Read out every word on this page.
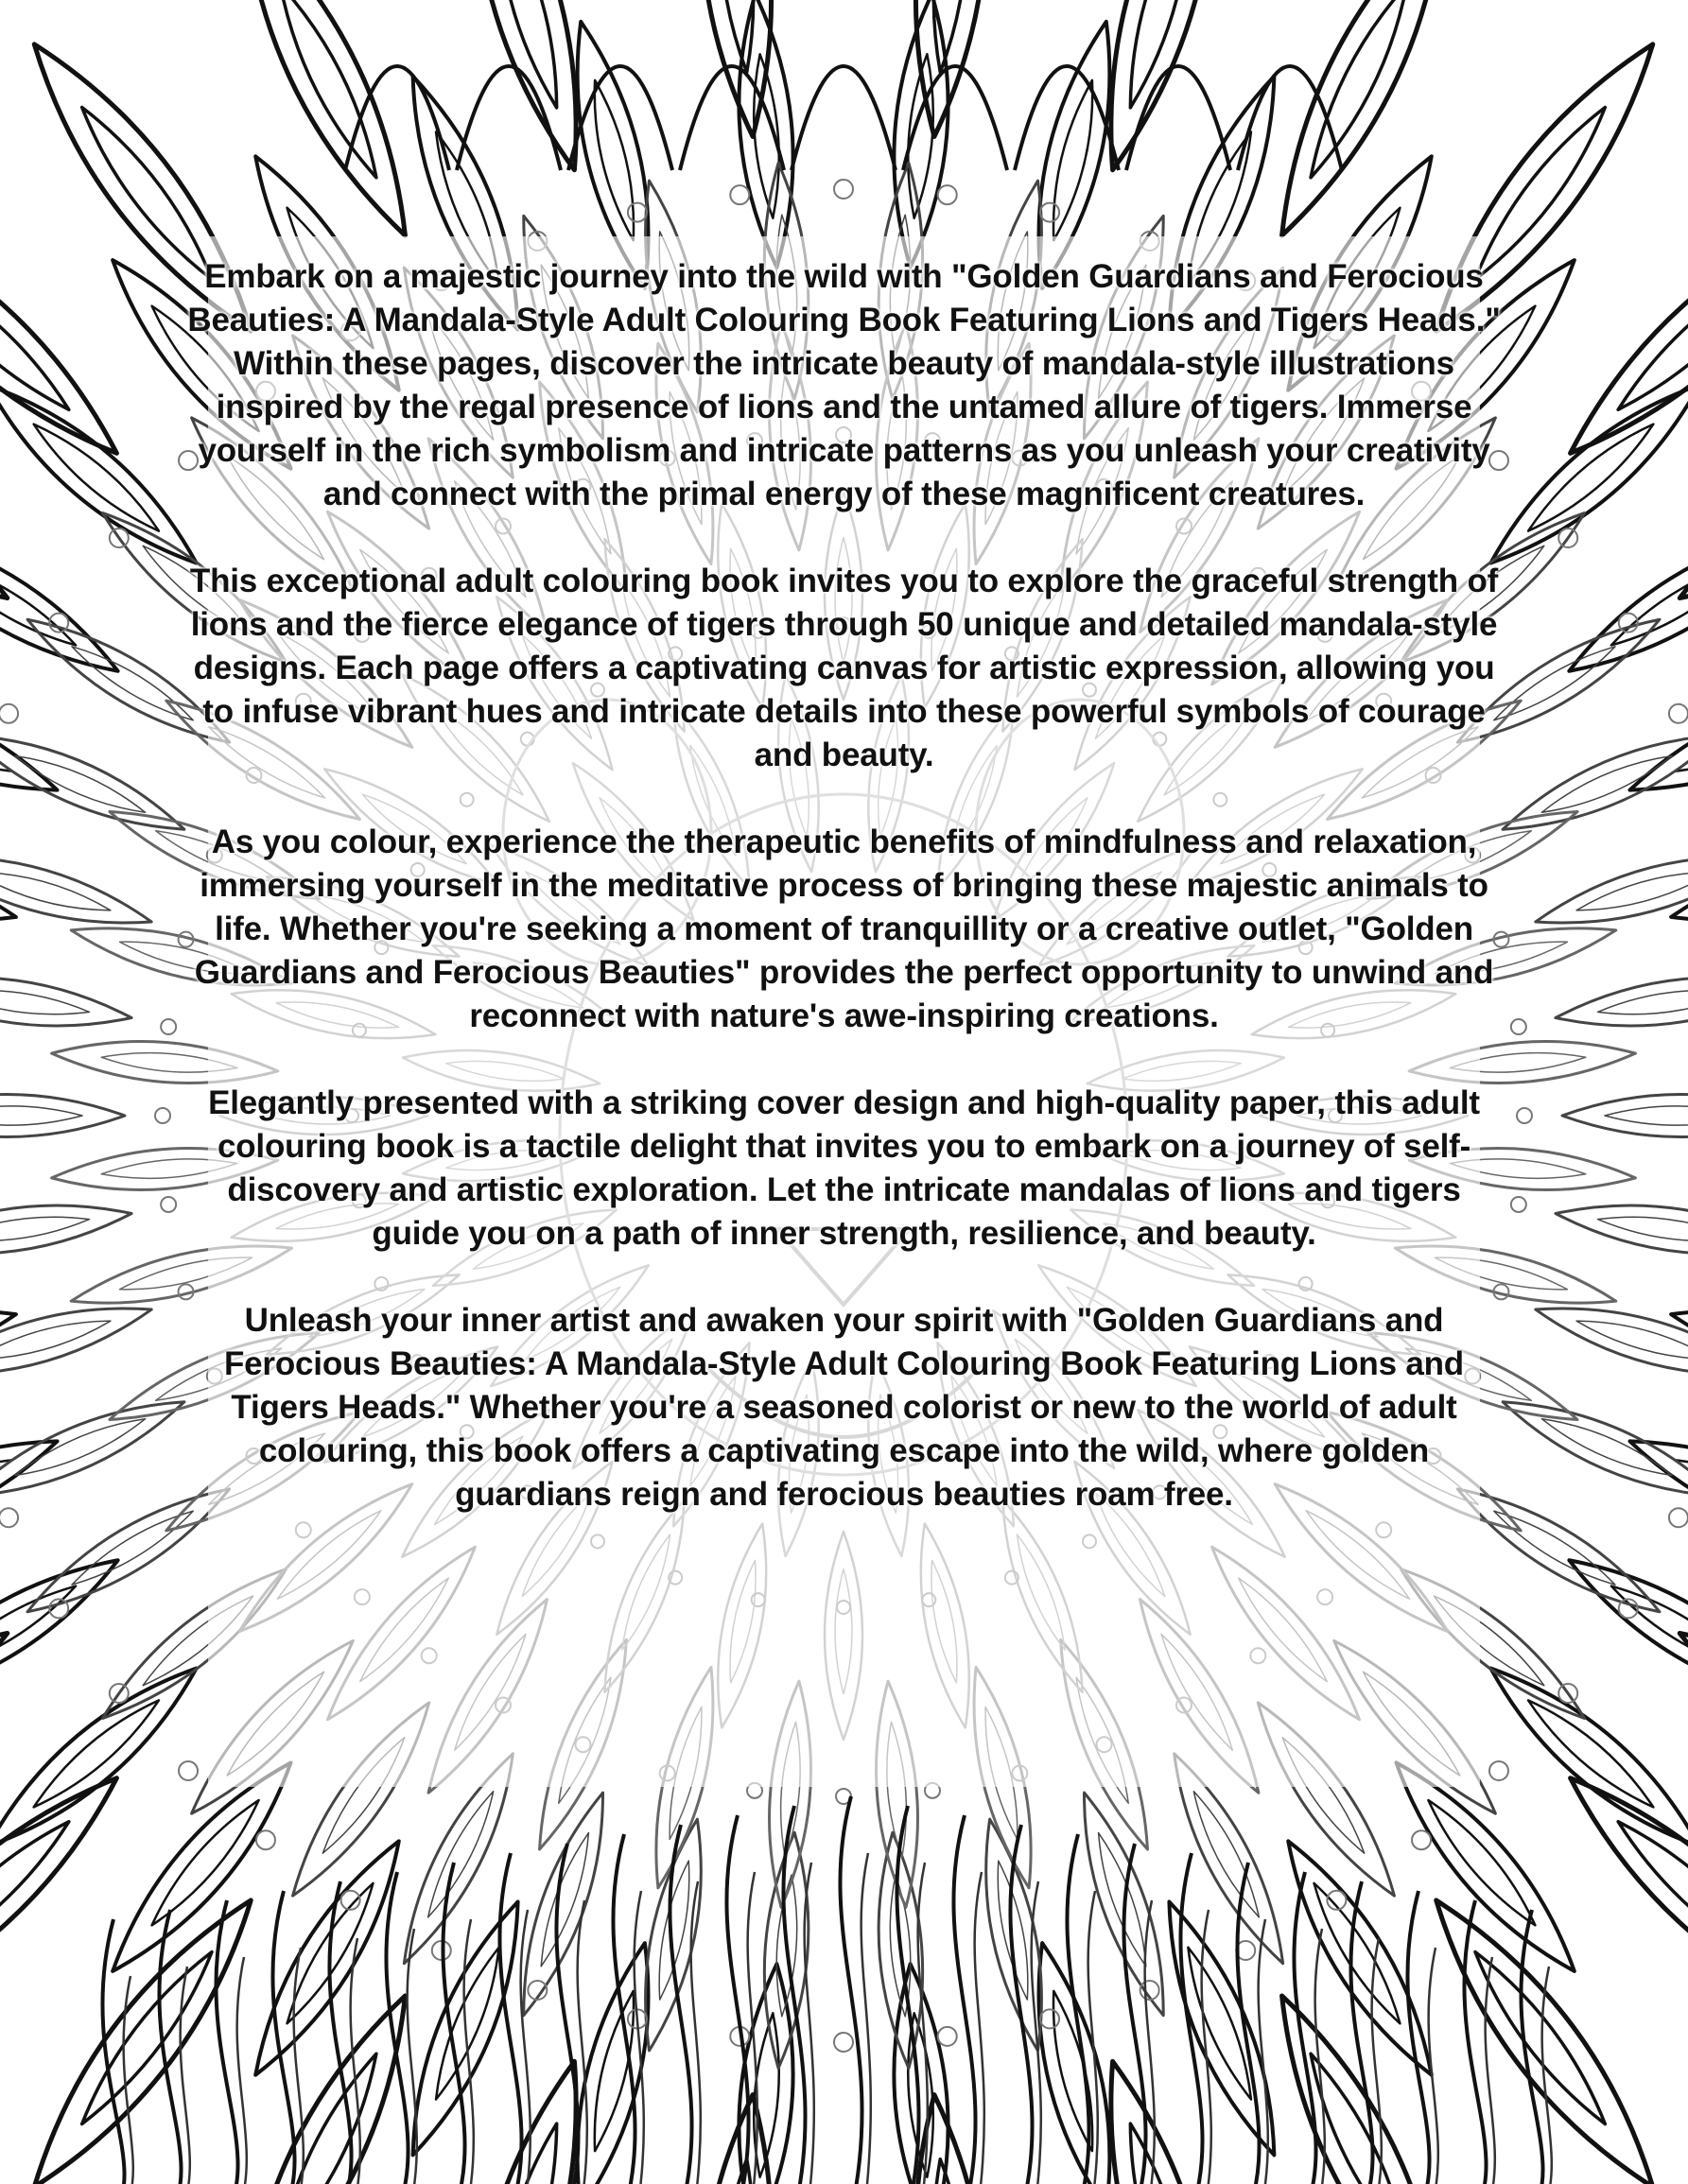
Embark on a majestic journey into the wild with "Golden Guardians and Ferocious Beauties: A Mandala-Style Adult Colouring Book Featuring Lions and Tigers Heads." Within these pages, discover the intricate beauty of mandala-style illustrations inspired by the regal presence of lions and the untamed allure of tigers. Immerse yourself in the rich symbolism and intricate patterns as you unleash your creativity and connect with the primal energy of these magnificent creatures.

This exceptional adult colouring book invites you to explore the graceful strength of lions and the fierce elegance of tigers through 50 unique and detailed mandala-style designs. Each page offers a captivating canvas for artistic expression, allowing you to infuse vibrant hues and intricate details into these powerful symbols of courage and beauty.

As you colour, experience the therapeutic benefits of mindfulness and relaxation, immersing yourself in the meditative process of bringing these majestic animals to life. Whether you're seeking a moment of tranquillity or a creative outlet, "Golden Guardians and Ferocious Beauties" provides the perfect opportunity to unwind and reconnect with nature's awe-inspiring creations.

Elegantly presented with a striking cover design and high-quality paper, this adult colouring book is a tactile delight that invites you to embark on a journey of self-discovery and artistic exploration. Let the intricate mandalas of lions and tigers guide you on a path of inner strength, resilience, and beauty.

Unleash your inner artist and awaken your spirit with "Golden Guardians and Ferocious Beauties: A Mandala-Style Adult Colouring Book Featuring Lions and Tigers Heads." Whether you're a seasoned colorist or new to the world of adult colouring, this book offers a captivating escape into the wild, where golden guardians reign and ferocious beauties roam free.
